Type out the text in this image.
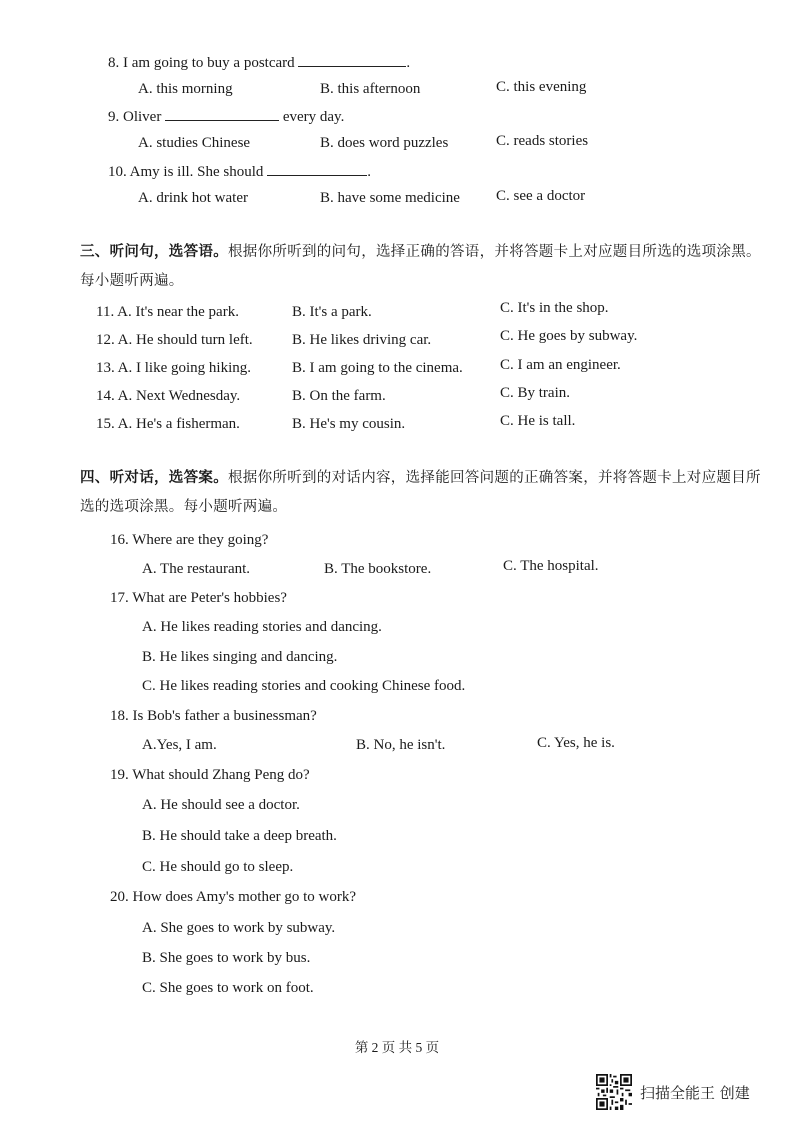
8. I am going to buy a postcard	.
A. this morning	B. this afternoon	C. this evening
9. Oliver	every day.
A. studies Chinese	B. does word puzzles	C. reads stories
10. Amy is ill. She should	.
A. drink hot water	B. have some medicine C. see a doctor
三、听问句，选答语。根据你所听到的问句，选择正确的答语，并将答题卡上对应题目所选的选项涂黑。每小题听两遍。
11. A. It's near the park.	B. It's a park.	C. It's in the shop.
12. A. He should turn left.	B. He likes driving car.	C. He goes by subway.
13. A. I like going hiking.	B. I am going to the cinema. C. I am an engineer.
14. A. Next Wednesday.	B. On the farm.	C. By train.
15. A. He's a fisherman.	B. He's my cousin.	C. He is tall.
四、听对话，选答案。根据你所听到的对话内容，选择能回答问题的正确答案，并将答题卡上对应题目所选的选项涂黑。每小题听两遍。
16. Where are they going?
A. The restaurant.	B. The bookstore.	C. The hospital.
17. What are Peter's hobbies?
A. He likes reading stories and dancing.
B. He likes singing and dancing.
C. He likes reading stories and cooking Chinese food.
18. Is Bob's father a businessman?
A.Yes, I am.	B. No, he isn't.	C. Yes, he is.
19. What should Zhang Peng do?
A. He should see a doctor.
B. He should take a deep breath.
C. He should go to sleep.
20. How does Amy's mother go to work?
A. She goes to work by subway.
B. She goes to work by bus.
C. She goes to work on foot.
第 2 页 共 5 页
扫描全能王 创建
